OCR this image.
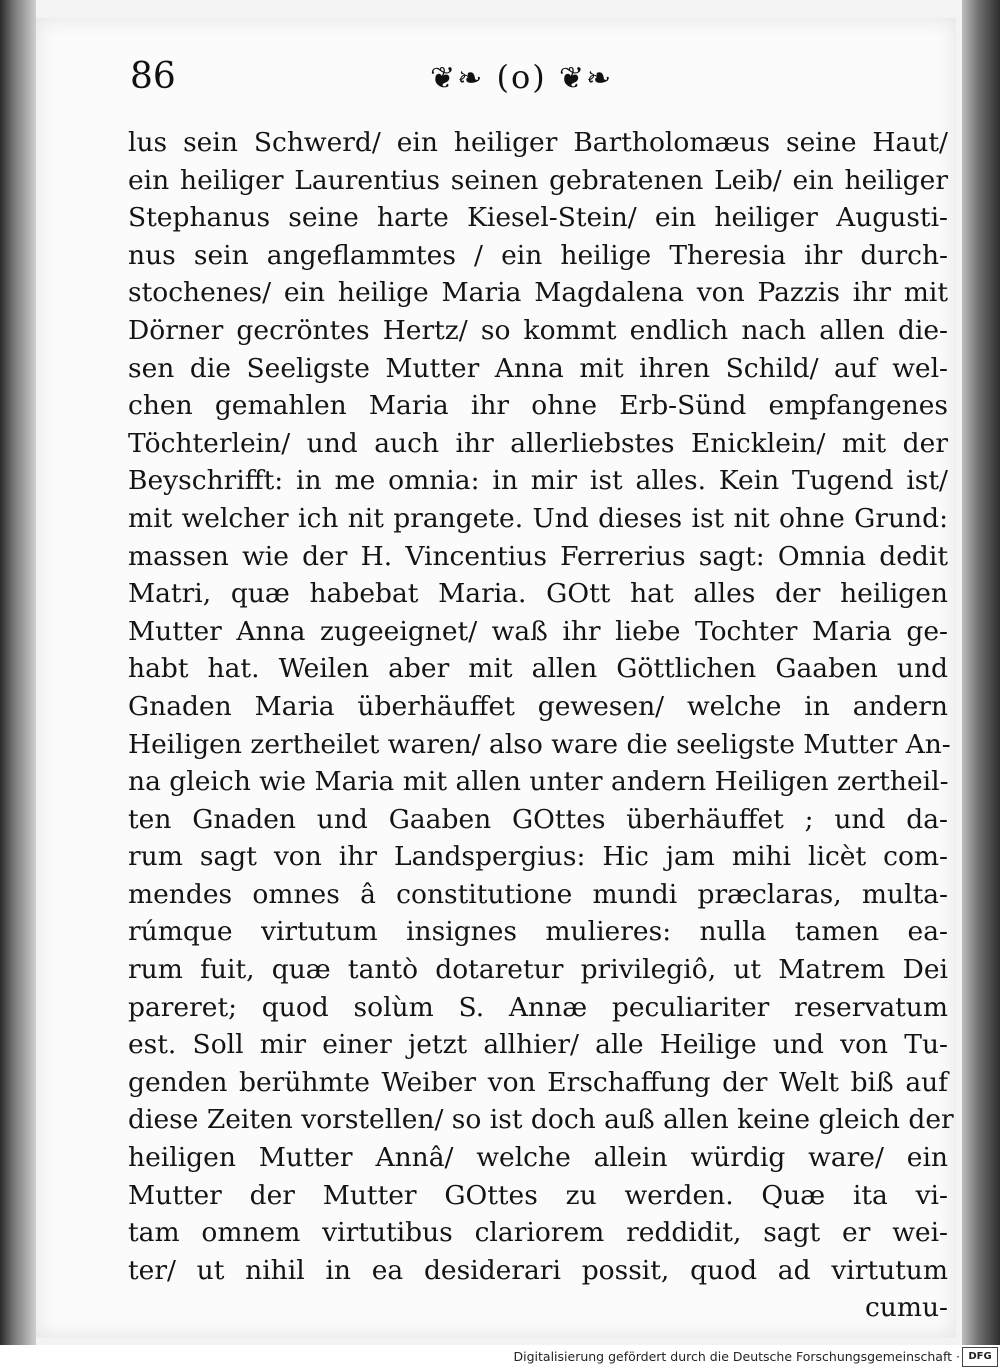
86	❦❧ (o) ❦❧
lus sein Schwerd/ ein heiliger Bartholomæus seine Haut/
ein heiliger Laurentius seinen gebratenen Leib/ ein heiliger
Stephanus seine harte Kiesel-Stein/ ein heiliger Augusti-
nus sein angeflammtes / ein heilige Theresia ihr durch-
stochenes/ ein heilige Maria Magdalena von Pazzis ihr mit
Dörner gecröntes Hertz/ so kommt endlich nach allen die-
sen die Seeligste Mutter Anna mit ihren Schild/ auf wel-
chen gemahlen Maria ihr ohne Erb-Sünd empfangenes
Töchterlein/ und auch ihr allerliebstes Enicklein/ mit der
Beyschrifft: in me omnia: in mir ist alles. Kein Tugend ist/
mit welcher ich nit prangete. Und dieses ist nit ohne Grund:
massen wie der H. Vincentius Ferrerius sagt: Omnia dedit
Matri, quæ habebat Maria. GOtt hat alles der heiligen
Mutter Anna zugeeignet/ waß ihr liebe Tochter Maria ge-
habt hat. Weilen aber mit allen Göttlichen Gaaben und
Gnaden Maria überhäuffet gewesen/ welche in andern
Heiligen zertheilet waren/ also ware die seeligste Mutter An-
na gleich wie Maria mit allen unter andern Heiligen zertheil-
ten Gnaden und Gaaben GOttes überhäuffet ; und da-
rum sagt von ihr Landspergius: Hic jam mihi licèt com-
mendes omnes â constitutione mundi præclaras, multa-
rúmque virtutum insignes mulieres: nulla tamen ea-
rum fuit, quæ tantò dotaretur privilegiô, ut Matrem Dei
pareret; quod solùm S. Annæ peculiariter reservatum
est. Soll mir einer jetzt allhier/ alle Heilige und von Tu-
genden berühmte Weiber von Erschaffung der Welt biß auf
diese Zeiten vorstellen/ so ist doch auß allen keine gleich der
heiligen Mutter Annâ/ welche allein würdig ware/ ein
Mutter der Mutter GOttes zu werden. Quæ ita vi-
tam omnem virtutibus clariorem reddidit, sagt er wei-
ter/ ut nihil in ea desiderari possit, quod ad virtutum
cumu-
Digitalisierung gefördert durch die Deutsche Forschungsgemeinschaft · DFG
